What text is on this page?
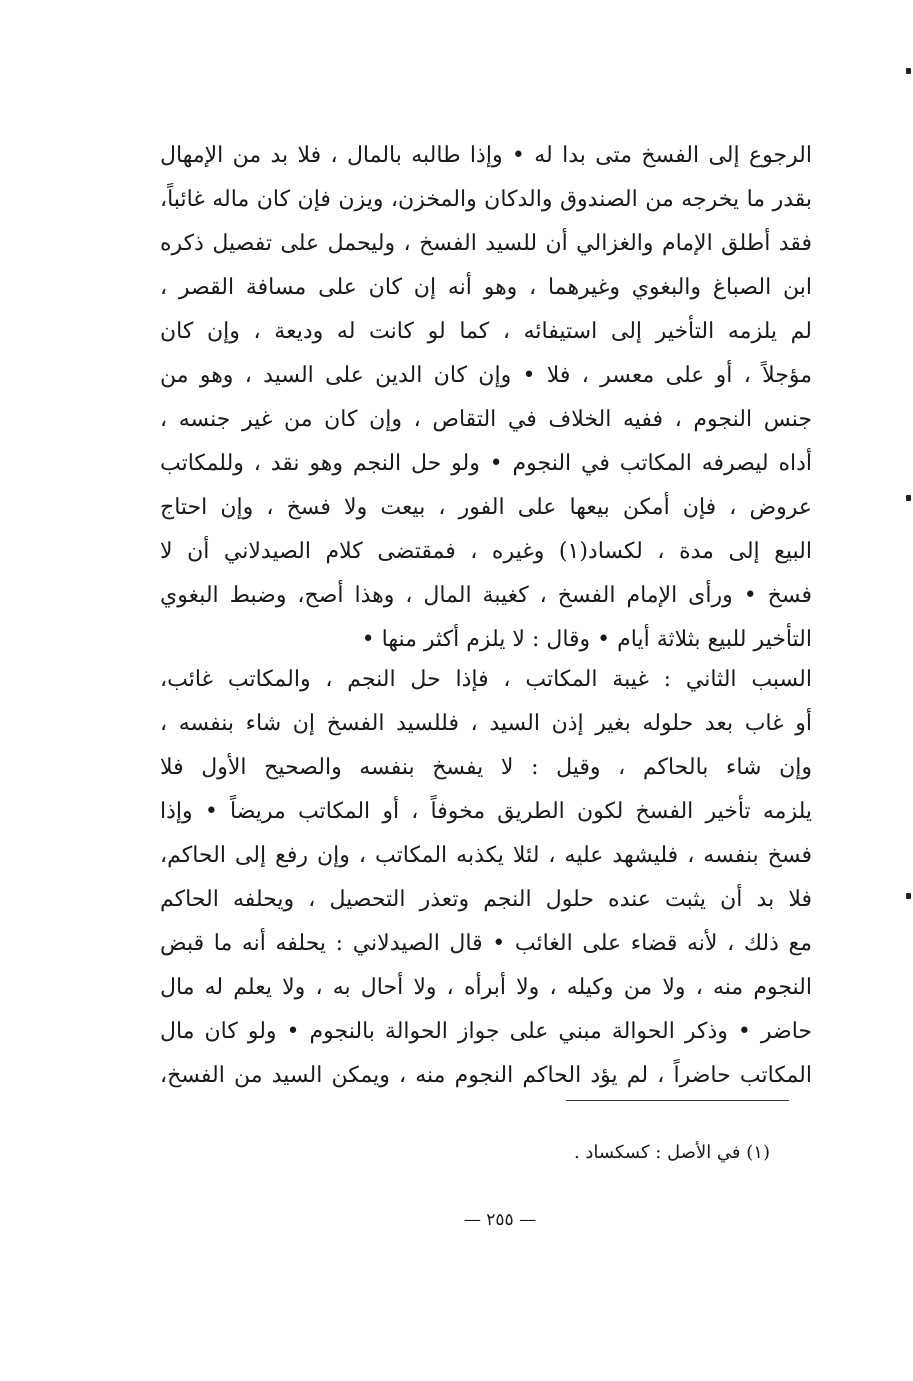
الرجوع إلى الفسخ متى بدا له • وإذا طالبه بالمال ، فلا بد من الإمهال
بقدر ما يخرجه من الصندوق والدكان والمخزن، ويزن فإن كان ماله غائباً،
فقد أطلق الإمام والغزالي أن للسيد الفسخ ، وليحمل على تفصيل ذكره
ابن الصباغ والبغوي وغيرهما ، وهو أنه إن كان على مسافة القصر ،
لم يلزمه التأخير إلى استيفائه ، كما لو كانت له وديعة ، وإن كان
مؤجلاً ، أو على معسر ، فلا • وإن كان الدين على السيد ، وهو من
جنس النجوم ، ففيه الخلاف في التقاص ، وإن كان من غير جنسه ،
أداه ليصرفه المكاتب في النجوم • ولو حل النجم وهو نقد ، وللمكاتب
عروض ، فإن أمكن بيعها على الفور ، بيعت ولا فسخ ، وإن احتاج
البيع إلى مدة ، لكساد(١) وغيره ، فمقتضى كلام الصيدلاني أن لا
فسخ • ورأى الإمام الفسخ ، كغيبة المال ، وهذا أصح، وضبط البغوي
التأخير للبيع بثلاثة أيام • وقال : لا يلزم أكثر منها •
السبب الثاني : غيبة المكاتب ، فإذا حل النجم ، والمكاتب غائب،
أو غاب بعد حلوله بغير إذن السيد ، فللسيد الفسخ إن شاء بنفسه ،
وإن شاء بالحاكم ، وقيل : لا يفسخ بنفسه والصحيح الأول فلا
يلزمه تأخير الفسخ لكون الطريق مخوفاً ، أو المكاتب مريضاً • وإذا
فسخ بنفسه ، فليشهد عليه ، لئلا يكذبه المكاتب ، وإن رفع إلى الحاكم،
فلا بد أن يثبت عنده حلول النجم وتعذر التحصيل ، ويحلفه الحاكم
مع ذلك ، لأنه قضاء على الغائب • قال الصيدلاني : يحلفه أنه ما قبض
النجوم منه ، ولا من وكيله ، ولا أبرأه ، ولا أحال به ، ولا يعلم له مال
حاضر • وذكر الحوالة مبني على جواز الحوالة بالنجوم • ولو كان مال
المكاتب حاضراً ، لم يؤد الحاكم النجوم منه ، ويمكن السيد من الفسخ،
(١) في الأصل : كسكساد .
— ٢٥٥ —
